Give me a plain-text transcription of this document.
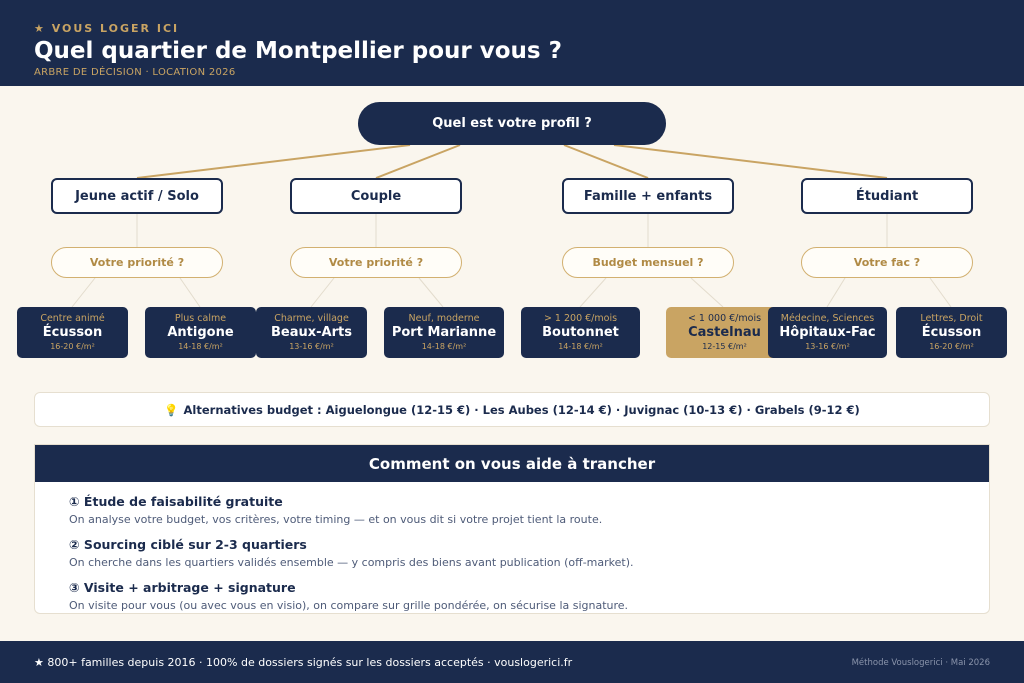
★ VOUS LOGER ICI
Quel quartier de Montpellier pour vous ?
ARBRE DE DÉCISION · LOCATION 2026
Quel est votre profil ?
Jeune actif / Solo	Couple	Famille + enfants	Étudiant
Votre priorité ?	Votre priorité ?	Budget mensuel ?	Votre fac ?
Centre animé
Écusson
16-20 €/m²
Plus calme
Antigone
14-18 €/m²
Charme, village
Beaux-Arts
13-16 €/m²
Neuf, moderne
Port Marianne
14-18 €/m²
> 1 200 €/mois
Boutonnet
14-18 €/m²
< 1 000 €/mois
Castelnau
12-15 €/m²
Médecine, Sciences
Hôpitaux-Fac
13-16 €/m²
Lettres, Droit
Écusson
16-20 €/m²
💡 Alternatives budget : Aiguelongue (12-15 €) · Les Aubes (12-14 €) · Juvignac (10-13 €) · Grabels (9-12 €)
Comment on vous aide à trancher
① Étude de faisabilité gratuite
On analyse votre budget, vos critères, votre timing — et on vous dit si votre projet tient la route.
② Sourcing ciblé sur 2-3 quartiers
On cherche dans les quartiers validés ensemble — y compris des biens avant publication (off-market).
③ Visite + arbitrage + signature
On visite pour vous (ou avec vous en visio), on compare sur grille pondérée, on sécurise la signature.
★ 800+ familles depuis 2016 · 100% de dossiers signés sur les dossiers acceptés · vouslogerici.fr	Méthode Vouslogerici · Mai 2026
